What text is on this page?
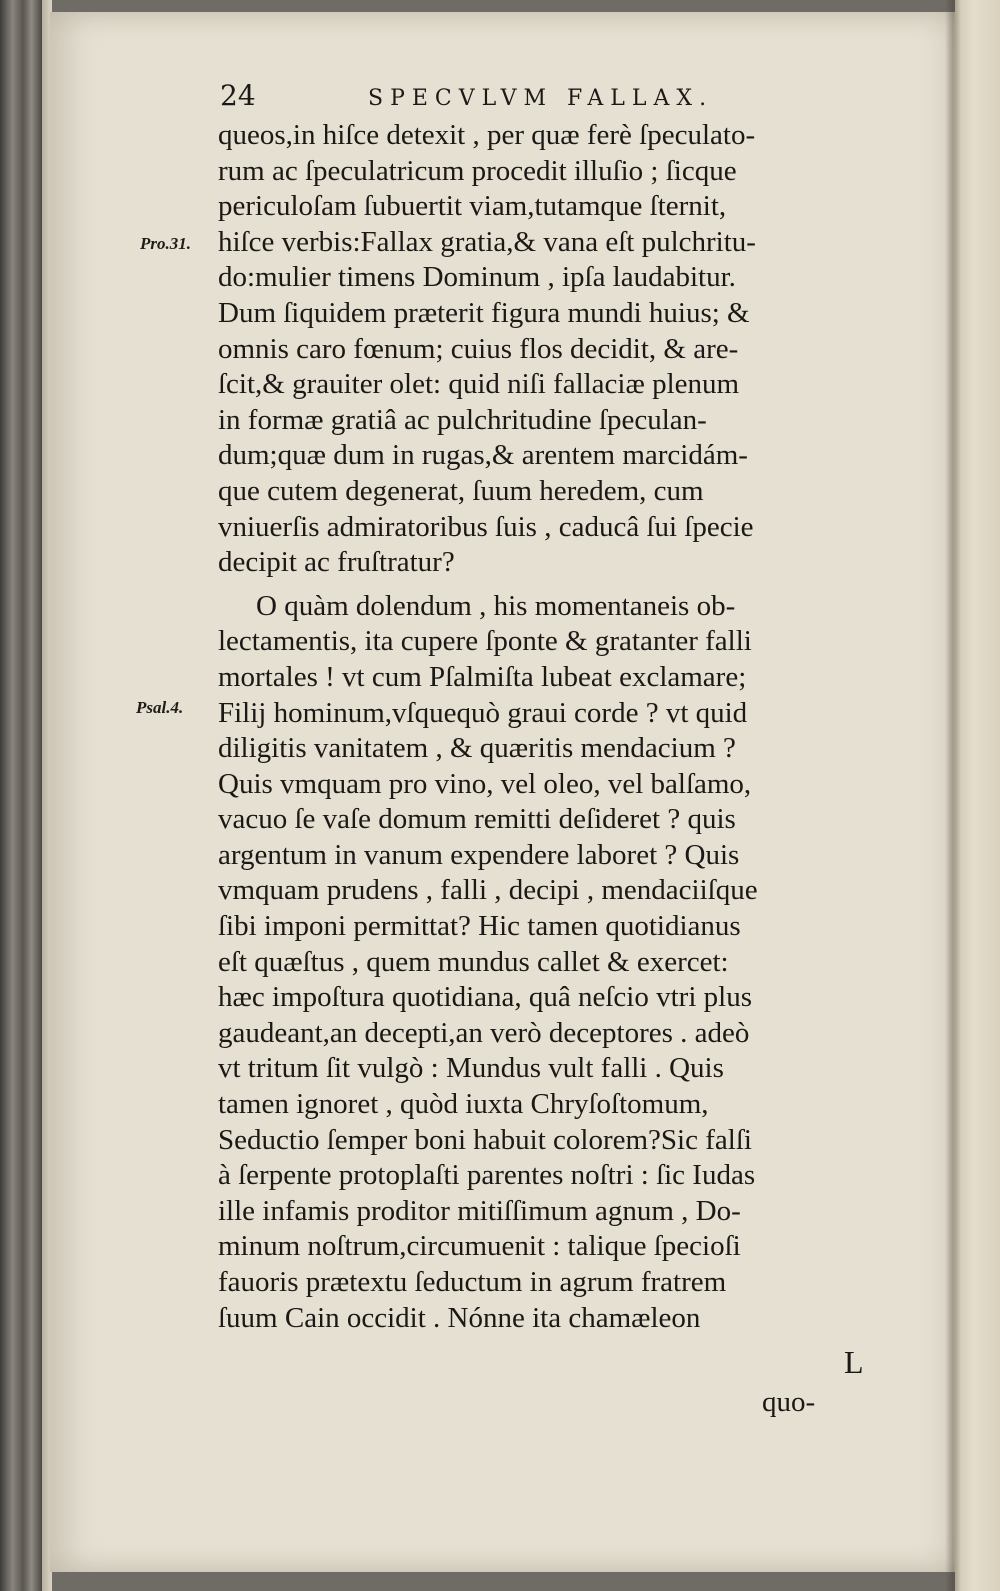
24	SPECVLVM FALLAX.
Pro.31.
Psal.4.
queos,in hiſce detexit , per quæ ferè ſpeculato-
rum ac ſpeculatricum procedit illuſio ; ſicque
periculoſam ſubuertit viam,tutamque ſternit,
hiſce verbis:Fallax gratia,& vana eſt pulchritu-
do:mulier timens Dominum , ipſa laudabitur.
Dum ſiquidem præterit figura mundi huius; &
omnis caro fœnum; cuius flos decidit, & are-
ſcit,& grauiter olet: quid niſi fallaciæ plenum
in formæ gratiâ ac pulchritudine ſpeculan-
dum;quæ dum in rugas,& arentem marcidám-
que cutem degenerat, ſuum heredem, cum
vniuerſis admiratoribus ſuis , caducâ ſui ſpecie
decipit ac fruſtratur?
O quàm dolendum , his momentaneis ob-
lectamentis, ita cupere ſponte & gratanter falli
mortales ! vt cum Pſalmiſta lubeat exclamare;
Filij hominum,vſquequò graui corde ? vt quid
diligitis vanitatem , & quæritis mendacium ?
Quis vmquam pro vino, vel oleo, vel balſamo,
vacuo ſe vaſe domum remitti deſideret ? quis
argentum in vanum expendere laboret ? Quis
vmquam prudens , falli , decipi , mendaciiſque
ſibi imponi permittat? Hic tamen quotidianus
eſt quæſtus , quem mundus callet & exercet:
hæc impoſtura quotidiana, quâ neſcio vtri plus
gaudeant,an decepti,an verò deceptores . adeò
vt tritum ſit vulgò : Mundus vult falli . Quis
tamen ignoret , quòd iuxta Chryſoſtomum,
Seductio ſemper boni habuit colorem?Sic falſi
à ſerpente protoplaſti parentes noſtri : ſic Iudas
ille infamis proditor mitiſſimum agnum , Do-
minum noſtrum,circumuenit : talique ſpecioſi
fauoris prætextu ſeductum in agrum fratrem
ſuum Cain occidit . Nónne ita chamæleon
L
quo-
